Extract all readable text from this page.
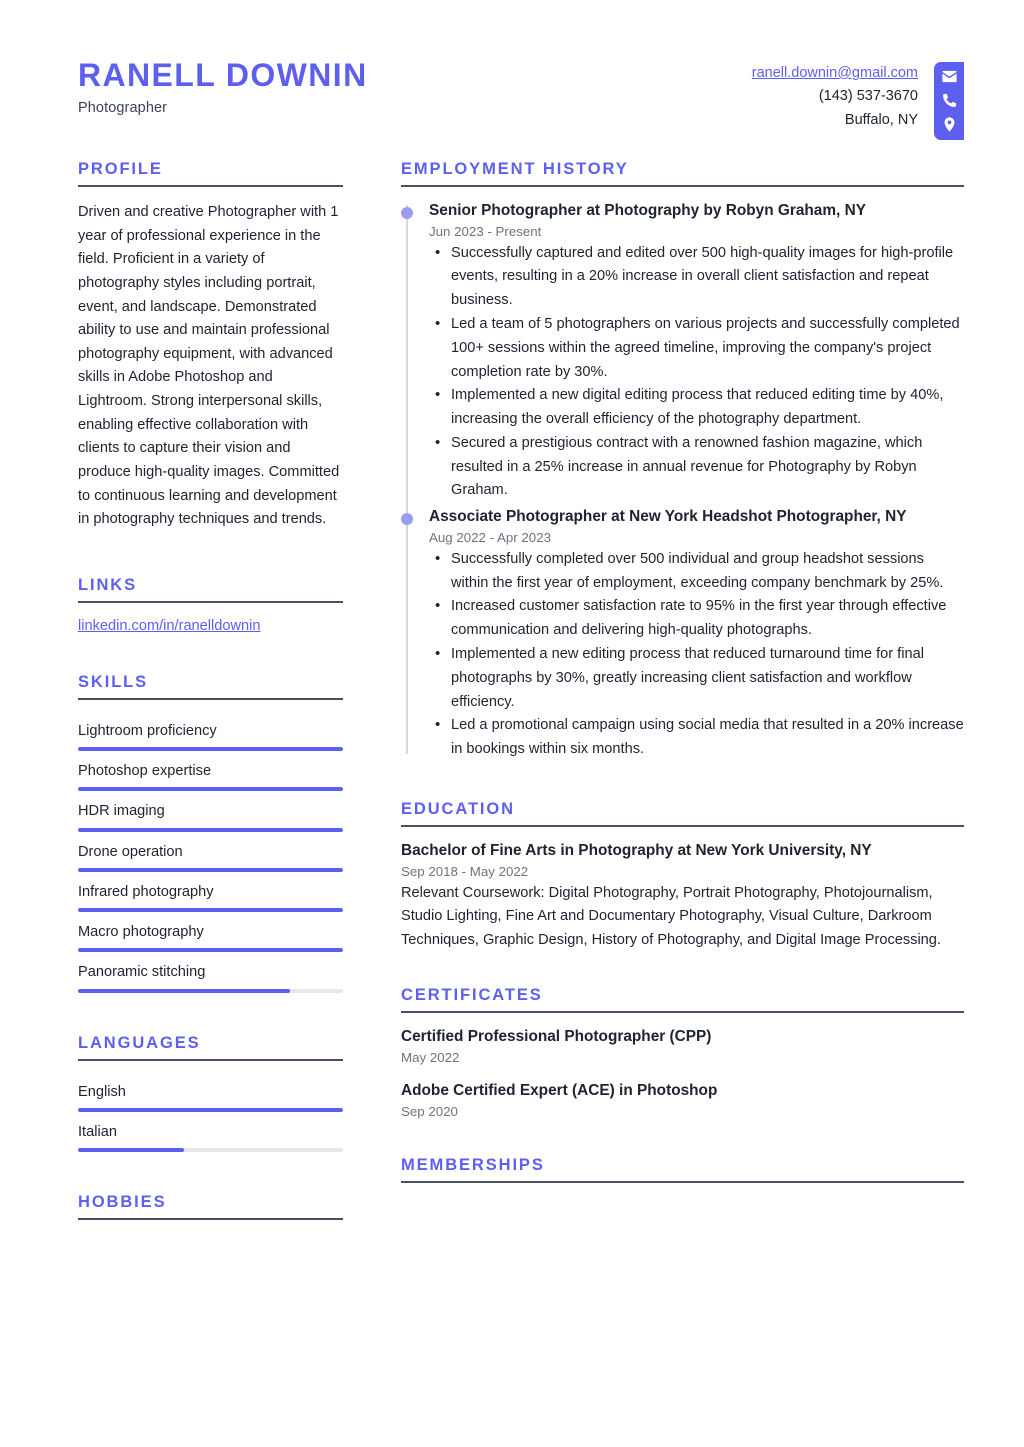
RANELL DOWNIN
Photographer
ranell.downin@gmail.com
(143) 537-3670
Buffalo, NY
PROFILE
Driven and creative Photographer with 1 year of professional experience in the field. Proficient in a variety of photography styles including portrait, event, and landscape. Demonstrated ability to use and maintain professional photography equipment, with advanced skills in Adobe Photoshop and Lightroom. Strong interpersonal skills, enabling effective collaboration with clients to capture their vision and produce high-quality images. Committed to continuous learning and development in photography techniques and trends.
LINKS
linkedin.com/in/ranelldownin
SKILLS
Lightroom proficiency
Photoshop expertise
HDR imaging
Drone operation
Infrared photography
Macro photography
Panoramic stitching
LANGUAGES
English
Italian
HOBBIES
EMPLOYMENT HISTORY
Senior Photographer at Photography by Robyn Graham, NY
Jun 2023 - Present
• Successfully captured and edited over 500 high-quality images for high-profile events, resulting in a 20% increase in overall client satisfaction and repeat business.
• Led a team of 5 photographers on various projects and successfully completed 100+ sessions within the agreed timeline, improving the company's project completion rate by 30%.
• Implemented a new digital editing process that reduced editing time by 40%, increasing the overall efficiency of the photography department.
• Secured a prestigious contract with a renowned fashion magazine, which resulted in a 25% increase in annual revenue for Photography by Robyn Graham.
Associate Photographer at New York Headshot Photographer, NY
Aug 2022 - Apr 2023
• Successfully completed over 500 individual and group headshot sessions within the first year of employment, exceeding company benchmark by 25%.
• Increased customer satisfaction rate to 95% in the first year through effective communication and delivering high-quality photographs.
• Implemented a new editing process that reduced turnaround time for final photographs by 30%, greatly increasing client satisfaction and workflow efficiency.
• Led a promotional campaign using social media that resulted in a 20% increase in bookings within six months.
EDUCATION
Bachelor of Fine Arts in Photography at New York University, NY
Sep 2018 - May 2022
Relevant Coursework: Digital Photography, Portrait Photography, Photojournalism, Studio Lighting, Fine Art and Documentary Photography, Visual Culture, Darkroom Techniques, Graphic Design, History of Photography, and Digital Image Processing.
CERTIFICATES
Certified Professional Photographer (CPP)
May 2022
Adobe Certified Expert (ACE) in Photoshop
Sep 2020
MEMBERSHIPS
